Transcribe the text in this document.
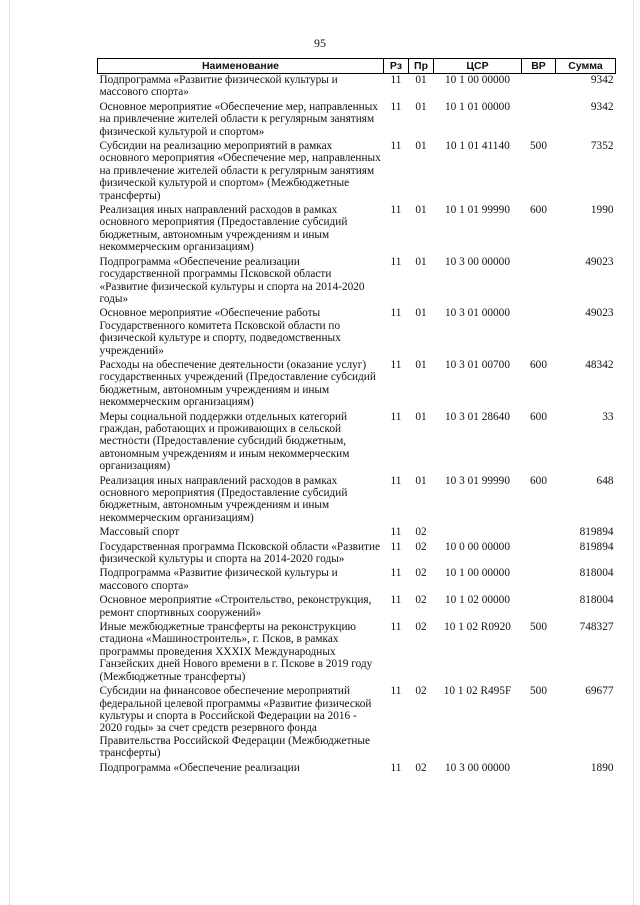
95
Наименование	Рз	Пр	ЦСР	ВР	Сумма
Подпрограмма «Развитие физической культуры и массового спорта»	11	01	10 1 00 00000		9342
Основное мероприятие «Обеспечение мер, направленных на привлечение жителей области к регулярным занятиям физической культурой и спортом»	11	01	10 1 01 00000		9342
Субсидии на реализацию мероприятий в рамках основного мероприятия «Обеспечение мер, направленных на привлечение жителей области к регулярным занятиям физической культурой и спортом» (Межбюджетные трансферты)	11	01	10 1 01 41140	500	7352
Реализация иных направлений расходов в рамках основного мероприятия (Предоставление субсидий бюджетным, автономным учреждениям и иным некоммерческим организациям)	11	01	10 1 01 99990	600	1990
Подпрограмма «Обеспечение реализации государственной программы Псковской области «Развитие физической культуры и спорта на 2014-2020 годы»	11	01	10 3 00 00000		49023
Основное мероприятие «Обеспечение работы Государственного комитета Псковской области по физической культуре и спорту, подведомственных учреждений»	11	01	10 3 01 00000		49023
Расходы на обеспечение деятельности (оказание услуг) государственных учреждений (Предоставление субсидий бюджетным, автономным учреждениям и иным некоммерческим организациям)	11	01	10 3 01 00700	600	48342
Меры социальной поддержки отдельных категорий граждан, работающих и проживающих в сельской местности (Предоставление субсидий бюджетным, автономным учреждениям и иным некоммерческим организациям)	11	01	10 3 01 28640	600	33
Реализация иных направлений расходов в рамках основного мероприятия (Предоставление субсидий бюджетным, автономным учреждениям и иным некоммерческим организациям)	11	01	10 3 01 99990	600	648
Массовый спорт	11	02			819894
Государственная программа Псковской области «Развитие физической культуры и спорта на 2014-2020 годы»	11	02	10 0 00 00000		819894
Подпрограмма «Развитие физической культуры и массового спорта»	11	02	10 1 00 00000		818004
Основное мероприятие «Строительство, реконструкция, ремонт спортивных сооружений»	11	02	10 1 02 00000		818004
Иные межбюджетные трансферты на реконструкцию стадиона «Машиностроитель», г. Псков, в рамках программы проведения XXXIX Международных Ганзейских дней Нового времени в г. Пскове в 2019 году (Межбюджетные трансферты)	11	02	10 1 02 R0920	500	748327
Субсидии на финансовое обеспечение мероприятий федеральной целевой программы «Развитие физической культуры и спорта в Российской Федерации на 2016 - 2020 годы» за счет средств резервного фонда Правительства Российской Федерации (Межбюджетные трансферты)	11	02	10 1 02 R495F	500	69677
Подпрограмма «Обеспечение реализации	11	02	10 3 00 00000		1890
